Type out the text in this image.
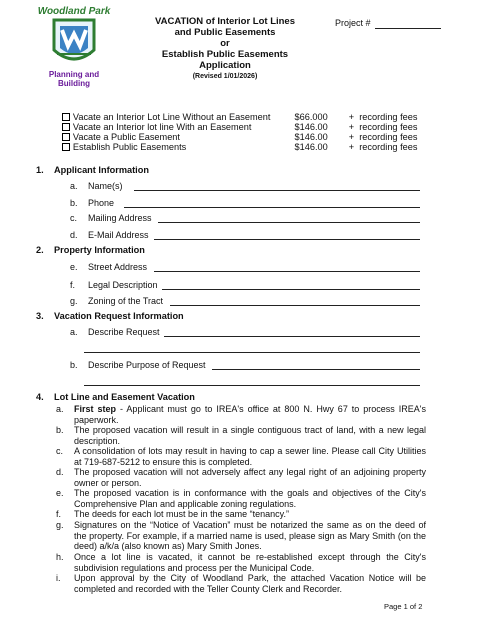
Woodland Park
Planning and
Building
VACATION of Interior Lot Lines
and Public Easements
or
Establish Public Easements
Application
(Revised 1/01/2026)
Project #
Vacate an Interior Lot Line Without an Easement	$66.000	+ recording fees
Vacate an Interior lot line With an Easement	$146.00	+ recording fees
Vacate a Public Easement	$146.00	+ recording fees
Establish Public Easements	$146.00	+ recording fees
1. Applicant Information
a. Name(s)
b. Phone
c. Mailing Address
d. E-Mail Address
2. Property Information
e. Street Address
f. Legal Description
g. Zoning of the Tract
3. Vacation Request Information
a. Describe Request
b. Describe Purpose of Request
4. Lot Line and Easement Vacation
a.	First step - Applicant must go to IREA's office at 800 N. Hwy 67 to process IREA's paperwork.
b.	The proposed vacation will result in a single contiguous tract of land, with a new legal description.
c.	A consolidation of lots may result in having to cap a sewer line. Please call City Utilities at 719-687-5212 to ensure this is completed.
d.	The proposed vacation will not adversely affect any legal right of an adjoining property owner or person.
e.	The proposed vacation is in conformance with the goals and objectives of the City's Comprehensive Plan and applicable zoning regulations.
f.	The deeds for each lot must be in the same “tenancy.”
g.	Signatures on the “Notice of Vacation” must be notarized the same as on the deed of the property. For example, if a married name is used, please sign as Mary Smith (on the deed) a/k/a (also known as) Mary Smith Jones.
h.	Once a lot line is vacated, it cannot be re-established except through the City's subdivision regulations and process per the Municipal Code.
i.	Upon approval by the City of Woodland Park, the attached Vacation Notice will be completed and recorded with the Teller County Clerk and Recorder.
Page 1 of 2
